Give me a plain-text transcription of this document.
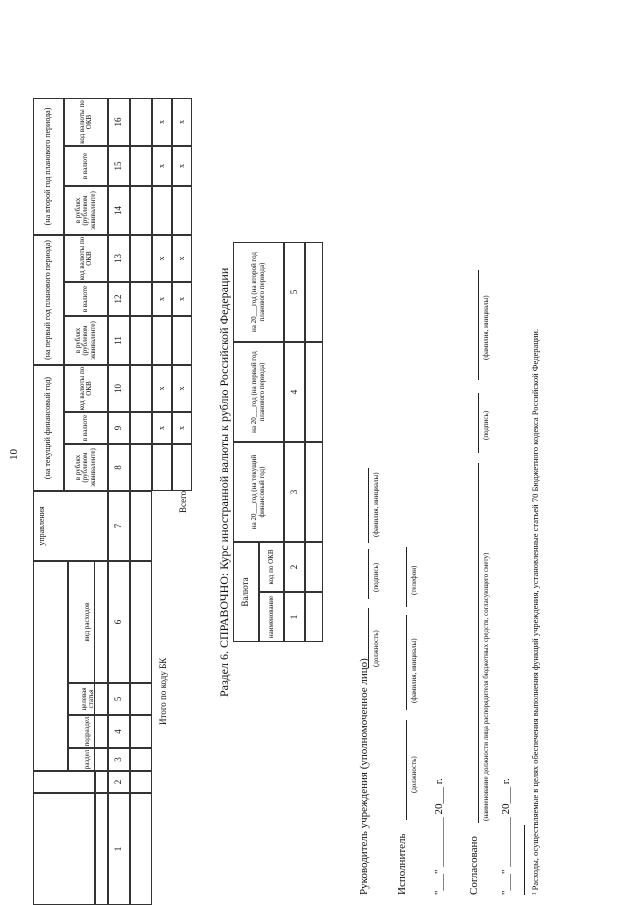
10
управления
(на текущий финансовый год)
(на первый год планового периода)
(на второй год планового периода)
раздел
подраздел
целевая статья
вид расходов
в рублях (рублевом эквиваленте)
в валюте
код валюты по ОКВ
в рублях (рублевом эквиваленте)
в валюте
код валюты по ОКВ
в рублях (рублевом эквиваленте)
в валюте
код валюты по ОКВ
1
2
3
4
5
6
7
8
9
10
11
12
13
14
15
16
x
x
x
x
x
x
x
x
x
x
x
x
Итого по коду БК
Всего Раздел 6. СПРАВОЧНО: Курс иностранной валюты к рублю Российской Федерации	Валюта
наименование
код по ОКВ
на 20___год (на текущий финансовый год)
на 20___год (на первый год планового периода)
на 20___год (на второй год планового периода)
1
2
3
4
5
Руководитель учреждения (уполномоченное лицо)
(должность)
(подпись)
(фамилия, инициалы)
Исполнитель
(должность)
(фамилия, инициалы)
(телефон)
"___" _________ 20___ г. Согласовано
(наименование должности лица распорядителя бюджетных средств, согласующего смету)
(подпись)
(фамилия, инициалы)
"___" _________ 20___ г. ¹ Расходы, осуществляемые в целях обеспечения выполнения функций учреждения, установленные статьей 70 Бюджетного кодекса Российской Федерации.
